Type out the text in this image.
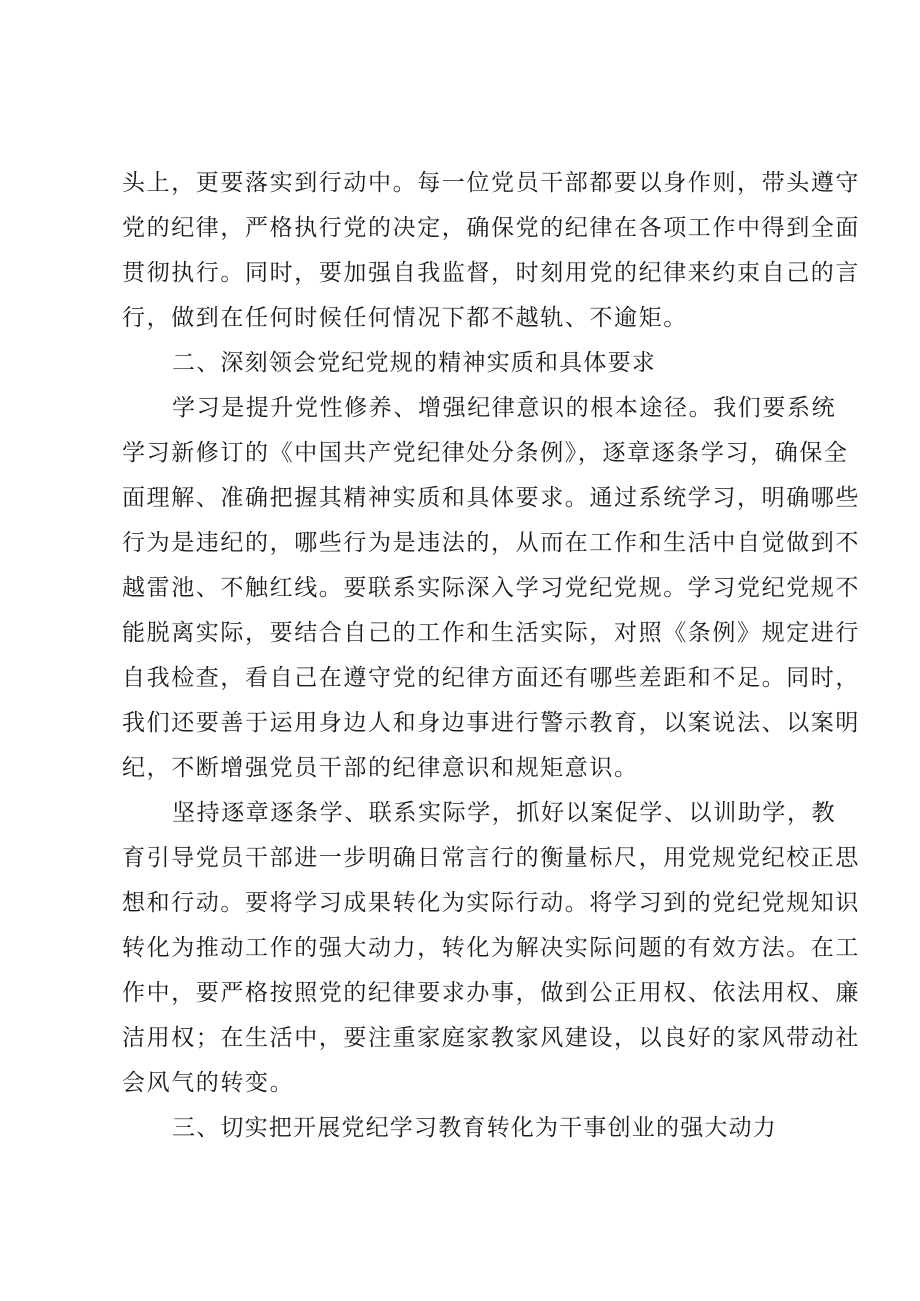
头上，更要落实到行动中。每一位党员干部都要以身作则，带头遵守
党的纪律，严格执行党的决定，确保党的纪律在各项工作中得到全面
贯彻执行。同时，要加强自我监督，时刻用党的纪律来约束自己的言
行，做到在任何时候任何情况下都不越轨、不逾矩。
二、深刻领会党纪党规的精神实质和具体要求
学习是提升党性修养、增强纪律意识的根本途径。我们要系统
学习新修订的《中国共产党纪律处分条例》，逐章逐条学习，确保全
面理解、准确把握其精神实质和具体要求。通过系统学习，明确哪些
行为是违纪的，哪些行为是违法的，从而在工作和生活中自觉做到不
越雷池、不触红线。要联系实际深入学习党纪党规。学习党纪党规不
能脱离实际，要结合自己的工作和生活实际，对照《条例》规定进行
自我检查，看自己在遵守党的纪律方面还有哪些差距和不足。同时，
我们还要善于运用身边人和身边事进行警示教育，以案说法、以案明
纪，不断增强党员干部的纪律意识和规矩意识。
坚持逐章逐条学、联系实际学，抓好以案促学、以训助学，教
育引导党员干部进一步明确日常言行的衡量标尺，用党规党纪校正思
想和行动。要将学习成果转化为实际行动。将学习到的党纪党规知识
转化为推动工作的强大动力，转化为解决实际问题的有效方法。在工
作中，要严格按照党的纪律要求办事，做到公正用权、依法用权、廉
洁用权；在生活中，要注重家庭家教家风建设，以良好的家风带动社
会风气的转变。
三、切实把开展党纪学习教育转化为干事创业的强大动力
